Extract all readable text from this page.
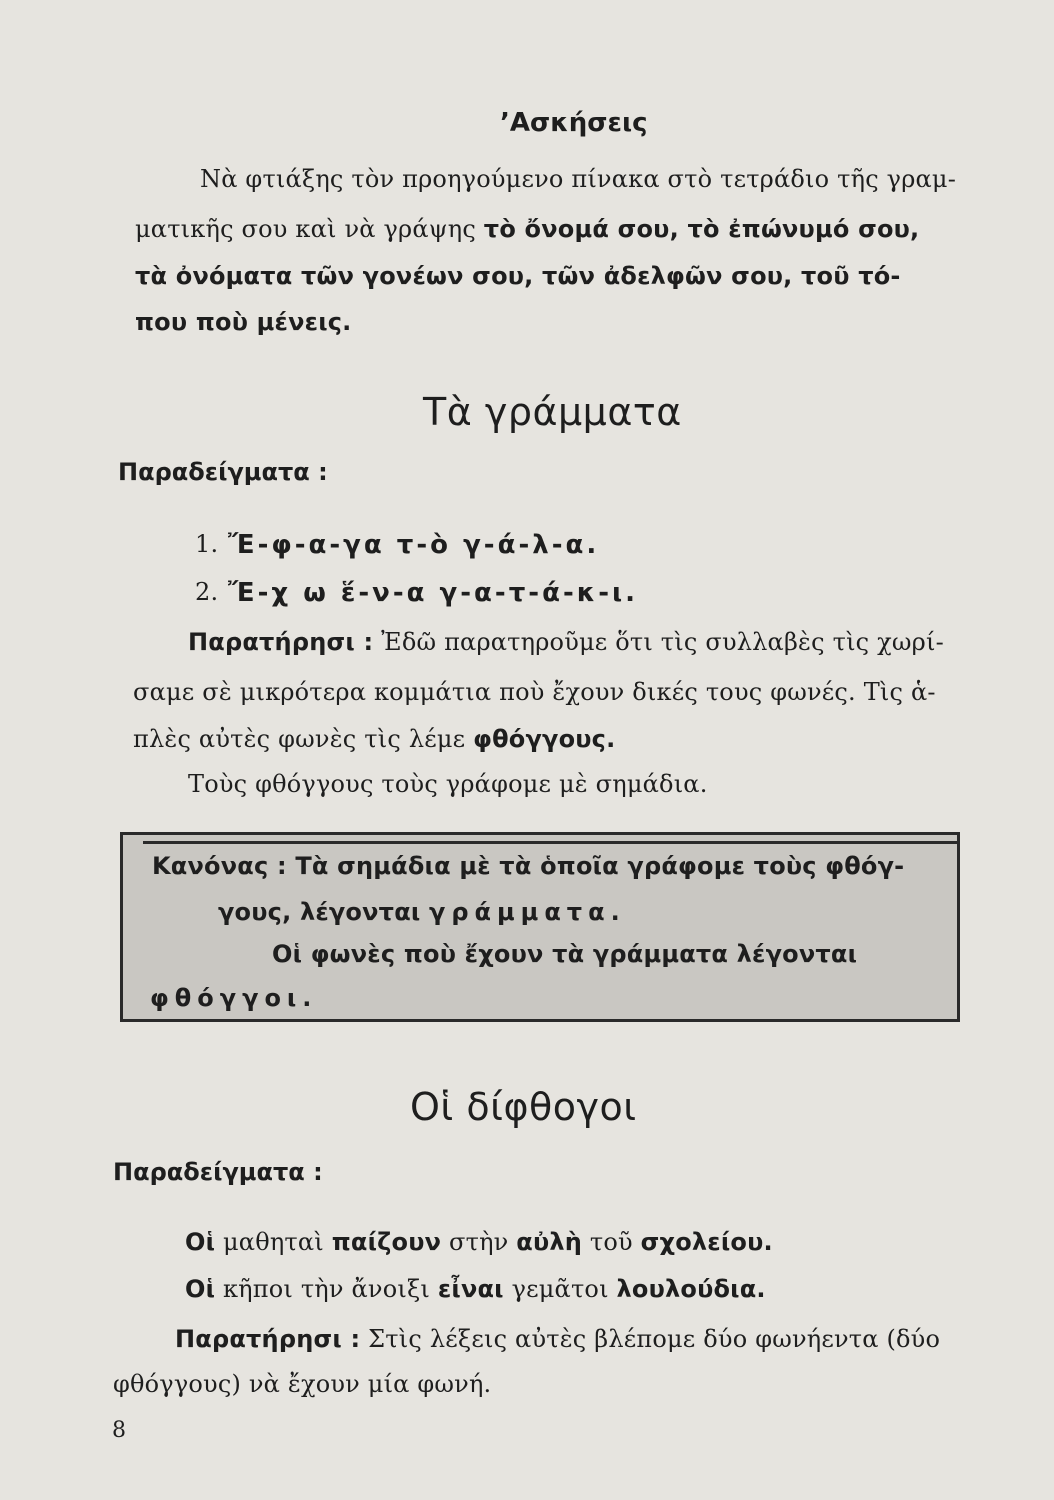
’Ασκήσεις
Νὰ φτιάξης τὸν προηγούμενο πίνακα στὸ τετράδιο τῆς γραμ-
ματικῆς σου καὶ νὰ γράψης τὸ ὄνομά σου, τὸ ἐπώνυμό σου,
τὰ ὀνόματα τῶν γονέων σου, τῶν ἀδελφῶν σου, τοῦ τό-
που ποὺ μένεις.
Τὰ γράμματα
Παραδείγματα :
1. Ἔ-φ-α-γα τ-ὸ γ-ά-λ-α.
2. Ἔ-χ ω ἕ-ν-α γ-α-τ-ά-κ-ι.
Παρατήρησι : Ἐδῶ παρατηροῦμε ὅτι τὶς συλλαβὲς τὶς χωρί-
σαμε σὲ μικρότερα κομμάτια ποὺ ἔχουν δικές τους φωνές. Τὶς ἁ-
πλὲς αὐτὲς φωνὲς τὶς λέμε φθόγγους.
Τοὺς φθόγγους τοὺς γράφομε μὲ σημάδια.
Κανόνας : Τὰ σημάδια μὲ τὰ ὁποῖα γράφομε τοὺς φθόγ-
γους, λέγονται γράμματα.
Οἱ φωνὲς ποὺ ἔχουν τὰ γράμματα λέγονται
φθόγγοι.
Οἱ δίφθογοι
Παραδείγματα :
Οἱ μαθηταὶ παίζουν στὴν αὐλὴ τοῦ σχολείου.
Οἱ κῆποι τὴν ἄνοιξι εἶναι γεμᾶτοι λουλούδια.
Παρατήρησι : Στὶς λέξεις αὐτὲς βλέπομε δύο φωνήεντα (δύο
φθόγγους) νὰ ἔχουν μία φωνή.
8
